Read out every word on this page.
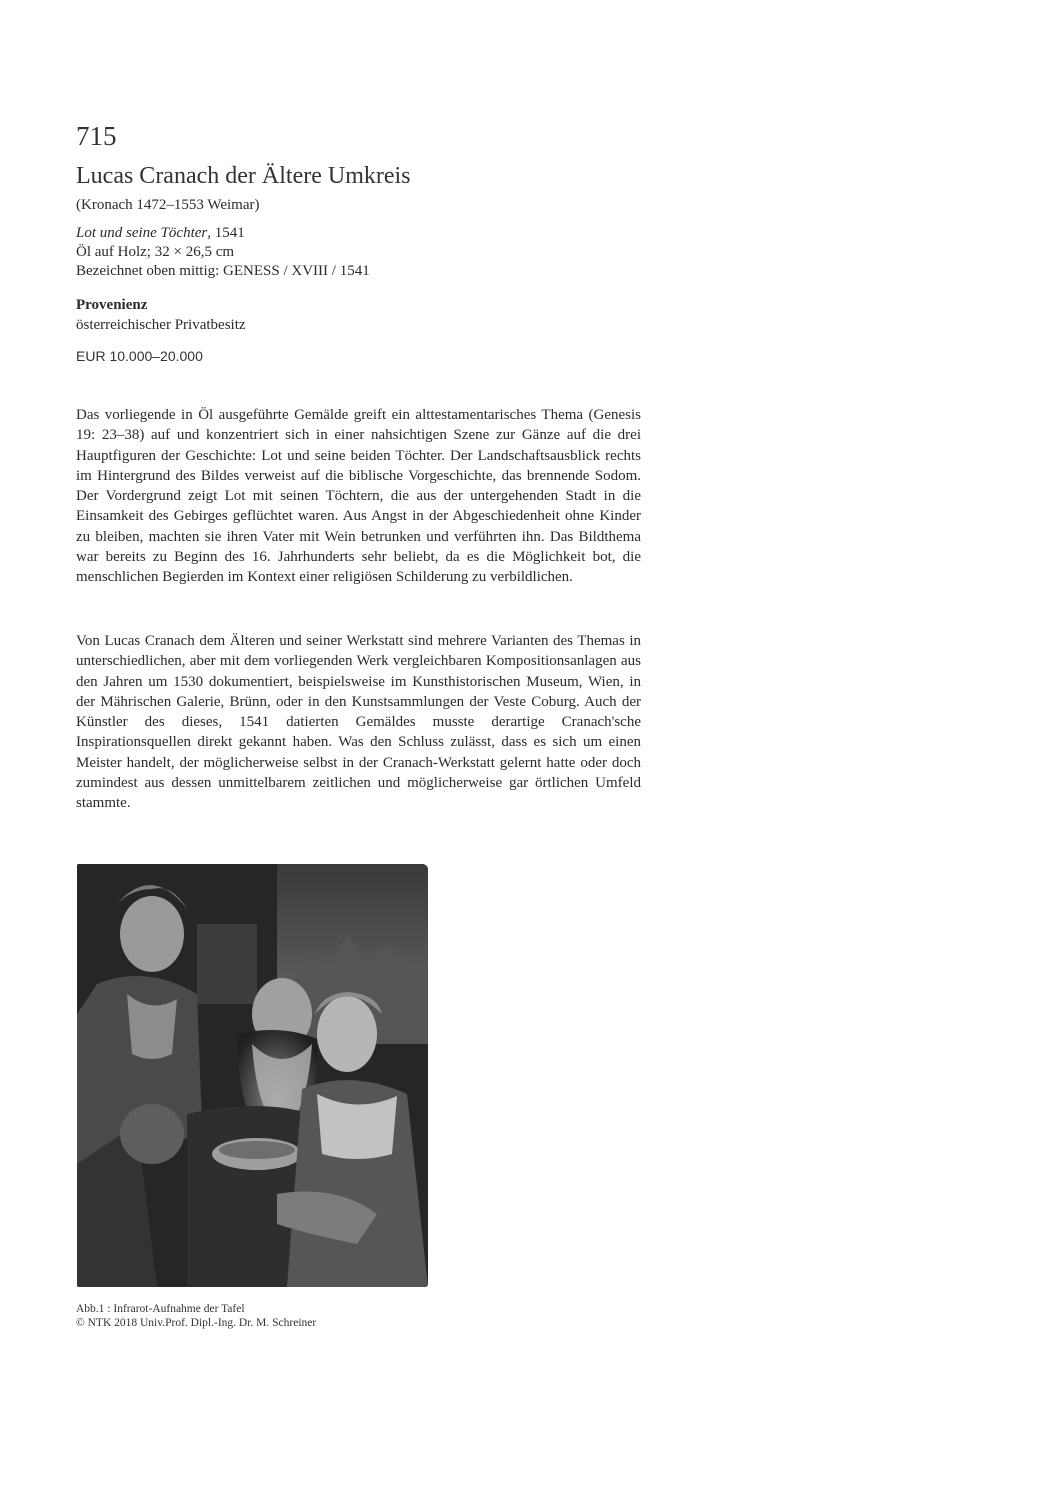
715
Lucas Cranach der Ältere Umkreis
(Kronach 1472–1553 Weimar)
Lot und seine Töchter, 1541
Öl auf Holz; 32 × 26,5 cm
Bezeichnet oben mittig: GENESS / XVIII / 1541
Provenienz
österreichischer Privatbesitz
EUR 10.000–20.000

Das vorliegende in Öl ausgeführte Gemälde greift ein alttestamentarisches Thema (Genesis 19: 23–38) auf und konzentriert sich in einer nahsichtigen Szene zur Gänze auf die drei Hauptfiguren der Geschichte: Lot und seine beiden Töchter. Der Landschaftsausblick rechts im Hintergrund des Bildes verweist auf die biblische Vorgeschichte, das brennende Sodom. Der Vordergrund zeigt Lot mit seinen Töchtern, die aus der untergehenden Stadt in die Einsamkeit des Gebirges geflüchtet waren. Aus Angst in der Abgeschiedenheit ohne Kinder zu bleiben, machten sie ihren Vater mit Wein betrunken und verführten ihn. Das Bildthema war bereits zu Beginn des 16. Jahrhunderts sehr beliebt, da es die Möglichkeit bot, die menschlichen Begierden im Kontext einer religiösen Schilderung zu verbildlichen.

Von Lucas Cranach dem Älteren und seiner Werkstatt sind mehrere Varianten des Themas in unterschiedlichen, aber mit dem vorliegenden Werk vergleichbaren Kompositionsanlagen aus den Jahren um 1530 dokumentiert, beispielsweise im Kunsthistorischen Museum, Wien, in der Mährischen Galerie, Brünn, oder in den Kunstsammlungen der Veste Coburg. Auch der Künstler des dieses, 1541 datierten Gemäldes musste derartige Cranach'sche Inspirationsquellen direkt gekannt haben. Was den Schluss zulässt, dass es sich um einen Meister handelt, der möglicherweise selbst in der Cranach-Werkstatt gelernt hatte oder doch zumindest aus dessen unmittelbarem zeitlichen und möglicherweise gar örtlichen Umfeld stammte.

Abb.1 : Infrarot-Aufnahme der Tafel
© NTK 2018 Univ.Prof. Dipl.-Ing. Dr. M. Schreiner
